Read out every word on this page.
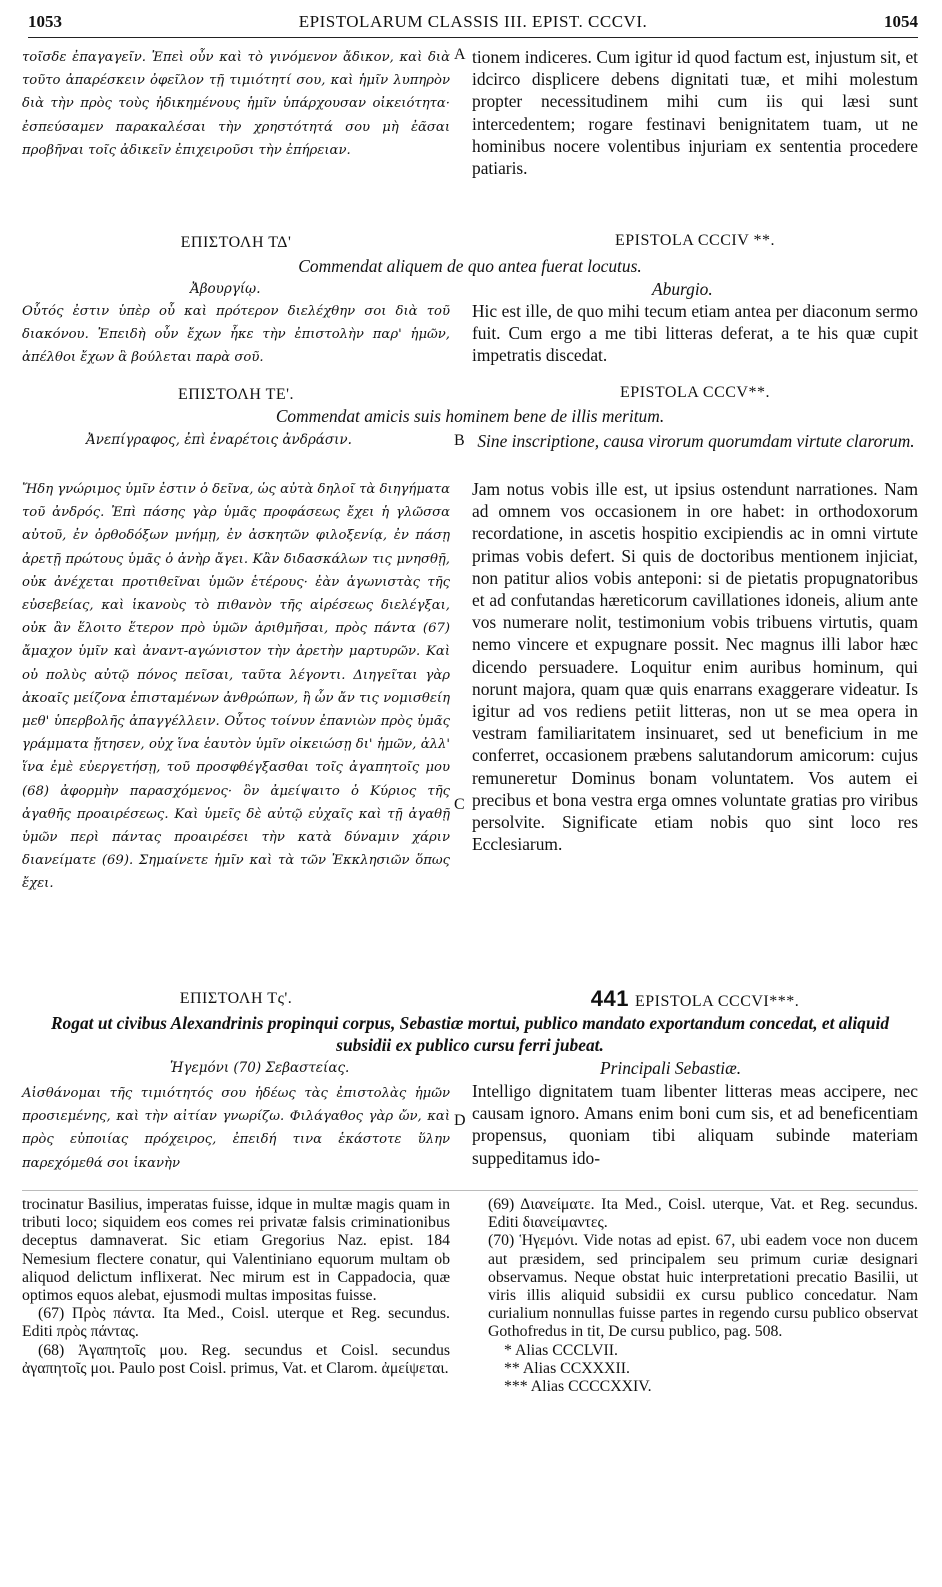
1053	EPISTOLARUM CLASSIS III. EPIST. CCCVI.	1054
τοῖσδε ἐπαγαγεῖν. Ἐπεὶ οὖν καὶ τὸ γινόμενον ἄδικον, καὶ διὰ τοῦτο ἀπαρέσκειν ὀφεῖλον τῇ τιμιότητί σου, καὶ ἡμῖν λυπηρὸν διὰ τὴν πρὸς τοὺς ἠδικημένους ἡμῖν ὑπάρχουσαν οἰκειότητα· ἐσπεύσαμεν παρακαλέσαι τὴν χρηστότητά σου μὴ ἐᾶσαι προβῆναι τοῖς ἀδικεῖν ἐπιχειροῦσι τὴν ἐπήρειαν.
A tionem indiceres. Cum igitur id quod factum est, injustum sit, et idcirco displicere debens dignitati tuæ, et mihi molestum propter necessitudinem mihi cum iis qui læsi sunt intercedentem; rogare festinavi benignitatem tuam, ut ne hominibus nocere volentibus injuriam ex sententia procedere patiaris.
ΕΠΙΣΤΟΛΗ ΤΔ'	EPISTOLA CCCIV **.
Commendat aliquem de quo antea fuerat locutus.
Ἀβουργίῳ.	Aburgio.
Οὗτός ἐστιν ὑπὲρ οὗ καὶ πρότερον διελέχθην σοι διὰ τοῦ διακόνου. Ἐπειδὴ οὖν ἔχων ἧκε τὴν ἐπιστολὴν παρ' ἡμῶν, ἀπέλθοι ἔχων ἃ βούλεται παρὰ σοῦ.
Hic est ille, de quo mihi tecum etiam antea per diaconum sermo fuit. Cum ergo a me tibi litteras deferat, a te his quæ cupit impetratis discedat.
ΕΠΙΣΤΟΛΗ ΤΕ'.	EPISTOLA CCCV**.
Commendat amicis suis hominem bene de illis meritum.
Ἀνεπίγραφος, ἐπὶ ἐναρέτοις ἀνδράσιν.	B Sine inscriptione, causa virorum quorumdam virtute clarorum.
Ἤδη γνώριμος ὑμῖν ἐστιν ὁ δεῖνα, ὡς αὐτὰ δηλοῖ τὰ διηγήματα τοῦ ἀνδρός. Ἐπὶ πάσης γὰρ ὑμᾶς προφάσεως ἔχει ἡ γλῶσσα αὐτοῦ, ἐν ὀρθοδόξων μνήμῃ, ἐν ἀσκητῶν φιλοξενίᾳ, ἐν πάσῃ ἀρετῇ πρώτους ὑμᾶς ὁ ἀνὴρ ἄγει. Κἂν διδασκάλων τις μνησθῇ, οὐκ ἀνέχεται προτιθεῖναι ὑμῶν ἑτέρους· ἐὰν ἀγωνιστὰς τῆς εὐσεβείας, καὶ ἱκανοὺς τὸ πιθανὸν τῆς αἱρέσεως διελέγξαι, οὐκ ἂν ἕλοιτο ἕτερον πρὸ ὑμῶν ἀριθμῆσαι, πρὸς πάντα (67) ἄμαχον ὑμῖν καὶ ἀναντ-αγώνιστον τὴν ἀρετὴν μαρτυρῶν. Καὶ οὐ πολὺς αὐτῷ πόνος πεῖσαι, ταῦτα λέγοντι. Διηγεῖται γὰρ ἀκοαῖς μείζονα ἐπισταμένων ἀνθρώπων, ἢ ὧν ἄν τις νομισθείη μεθ' ὑπερβολῆς ἀπαγγέλλειν. Οὗτος τοίνυν ἐπανιὼν πρὸς ὑμᾶς γράμματα ᾔτησεν, οὐχ ἵνα ἑαυτὸν ὑμῖν οἰκειώσῃ δι' ἡμῶν, ἀλλ' ἵνα ἐμὲ εὐεργετήσῃ, τοῦ προσφθέγξασθαι τοῖς ἀγαπητοῖς μου (68) ἀφορμὴν παρασχόμενος· ὃν ἀμείψαιτο ὁ Κύριος τῆς ἀγαθῆς προαιρέσεως. Καὶ ὑμεῖς δὲ αὐτῷ εὐχαῖς καὶ τῇ ἀγαθῇ ὑμῶν περὶ πάντας προαιρέσει τὴν κατὰ δύναμιν χάριν διανείματε (69). Σημαίνετε ἡμῖν καὶ τὰ τῶν Ἐκκλησιῶν ὅπως ἔχει.
C
Jam notus vobis ille est, ut ipsius ostendunt narrationes. Nam ad omnem vos occasionem in ore habet: in orthodoxorum recordatione, in ascetis hospitio excipiendis ac in omni virtute primas vobis defert. Si quis de doctoribus mentionem injiciat, non patitur alios vobis anteponi: si de pietatis propugnatoribus et ad confutandas hæreticorum cavillationes idoneis, alium ante vos numerare nolit, testimonium vobis tribuens virtutis, quam nemo vincere et expugnare possit. Nec magnus illi labor hæc dicendo persuadere. Loquitur enim auribus hominum, qui norunt majora, quam quæ quis enarrans exaggerare videatur. Is igitur ad vos rediens petiit litteras, non ut se mea opera in vestram familiaritatem insinuaret, sed ut beneficium in me conferret, occasionem præbens salutandorum amicorum: cujus remuneretur Dominus bonam voluntatem. Vos autem ei precibus et bona vestra erga omnes voluntate gratias pro viribus persolvite. Significate etiam nobis quo sint loco res Ecclesiarum.
ΕΠΙΣΤΟΛΗ Τς'.	441 EPISTOLA CCCVI***.
Rogat ut civibus Alexandrinis propinqui corpus, Sebastiæ mortui, publico mandato exportandum concedat, et aliquid subsidii ex publico cursu ferri jubeat.
Ἡγεμόνι (70) Σεβαστείας.	Principali Sebastiæ.
Αἰσθάνομαι τῆς τιμιότητός σου ἡδέως τὰς ἐπιστολὰς ἡμῶν προσιεμένης, καὶ τὴν αἰτίαν γνωρίζω. Φιλάγαθος γὰρ ὤν, καὶ πρὸς εὐποιίας πρόχειρος, ἐπειδή τινα ἑκάστοτε ὕλην παρεχόμεθά σοι ἱκανὴν
D
Intelligo dignitatem tuam libenter litteras meas accipere, nec causam ignoro. Amans enim boni cum sis, et ad beneficentiam propensus, quoniam tibi aliquam subinde materiam suppeditamus ido-

trocinatur Basilius, imperatas fuisse, idque in multæ magis quam in tributi loco; siquidem eos comes rei privatæ falsis criminationibus deceptus damnaverat. Sic etiam Gregorius Naz. epist. 184 Nemesium flectere conatur, qui Valentiniano equorum multam ob aliquod delictum inflixerat. Nec mirum est in Cappadocia, quæ optimos equos alebat, ejusmodi multas impositas fuisse.

(67) Πρὸς πάντα. Ita Med., Coisl. uterque et Reg. secundus. Editi πρὸς πάντας.

(68) Ἀγαπητοῖς μου. Reg. secundus et Coisl. secundus ἀγαπητοῖς μοι. Paulo post Coisl. primus, Vat. et Clarom. ἀμείψεται.

(69) Διανείματε. Ita Med., Coisl. uterque, Vat. et Reg. secundus. Editi διανείμαντες.

(70) Ἡγεμόνι. Vide notas ad epist. 67, ubi eadem voce non ducem aut præsidem, sed principalem seu primum curiæ designari observamus. Neque obstat huic interpretationi precatio Basilii, ut viris illis aliquid subsidii ex cursu publico concedatur. Nam curialium nonnullas fuisse partes in regendo cursu publico observat Gothofredus in tit, De cursu publico, pag. 508.

* Alias CCCLVII.

** Alias CCXXXII.

*** Alias CCCCXXIV.
